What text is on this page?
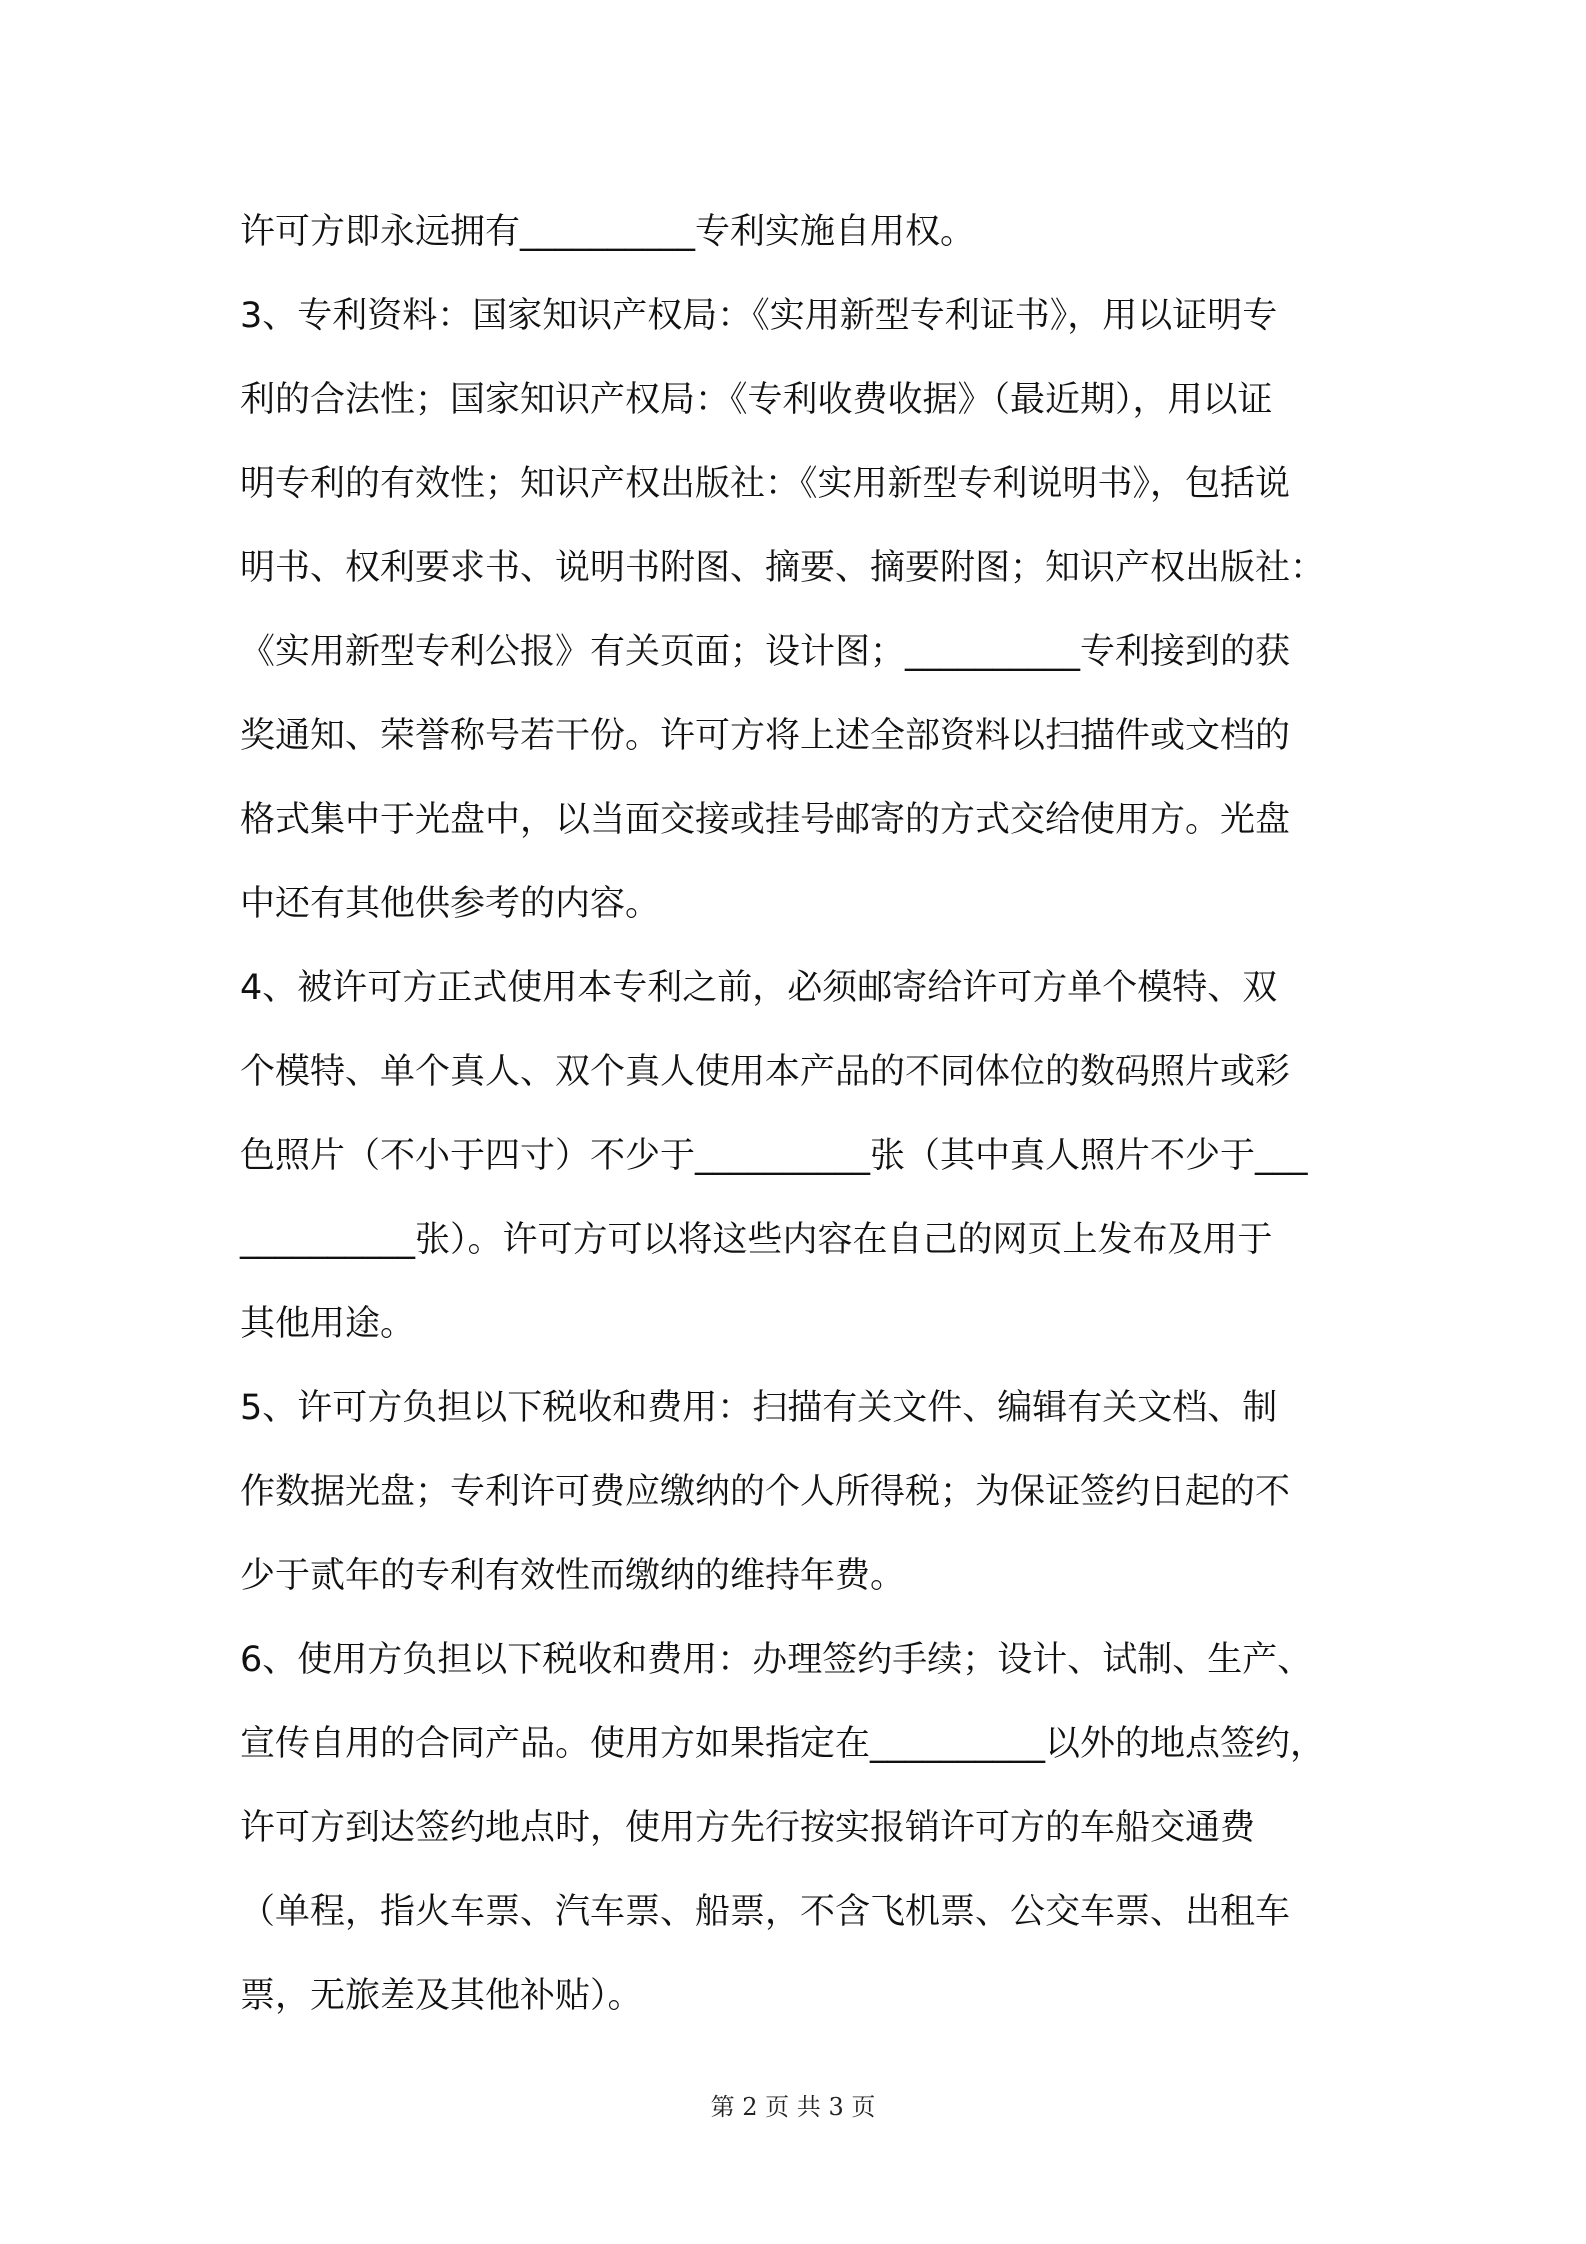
许可方即永远拥有__________专利实施自用权。
3、专利资料：国家知识产权局：《实用新型专利证书》，用以证明专
利的合法性；国家知识产权局：《专利收费收据》（最近期），用以证
明专利的有效性；知识产权出版社：《实用新型专利说明书》，包括说
明书、权利要求书、说明书附图、摘要、摘要附图；知识产权出版社：
《实用新型专利公报》有关页面；设计图；__________专利接到的获
奖通知、荣誉称号若干份。许可方将上述全部资料以扫描件或文档的
格式集中于光盘中，以当面交接或挂号邮寄的方式交给使用方。光盘
中还有其他供参考的内容。
4、被许可方正式使用本专利之前，必须邮寄给许可方单个模特、双
个模特、单个真人、双个真人使用本产品的不同体位的数码照片或彩
色照片（不小于四寸）不少于__________张（其中真人照片不少于___
__________张）。许可方可以将这些内容在自己的网页上发布及用于
其他用途。
5、许可方负担以下税收和费用：扫描有关文件、编辑有关文档、制
作数据光盘；专利许可费应缴纳的个人所得税；为保证签约日起的不
少于贰年的专利有效性而缴纳的维持年费。
6、使用方负担以下税收和费用：办理签约手续；设计、试制、生产、
宣传自用的合同产品。使用方如果指定在__________以外的地点签约，
许可方到达签约地点时，使用方先行按实报销许可方的车船交通费
（单程，指火车票、汽车票、船票，不含飞机票、公交车票、出租车
票，无旅差及其他补贴）。
第 2 页 共 3 页
